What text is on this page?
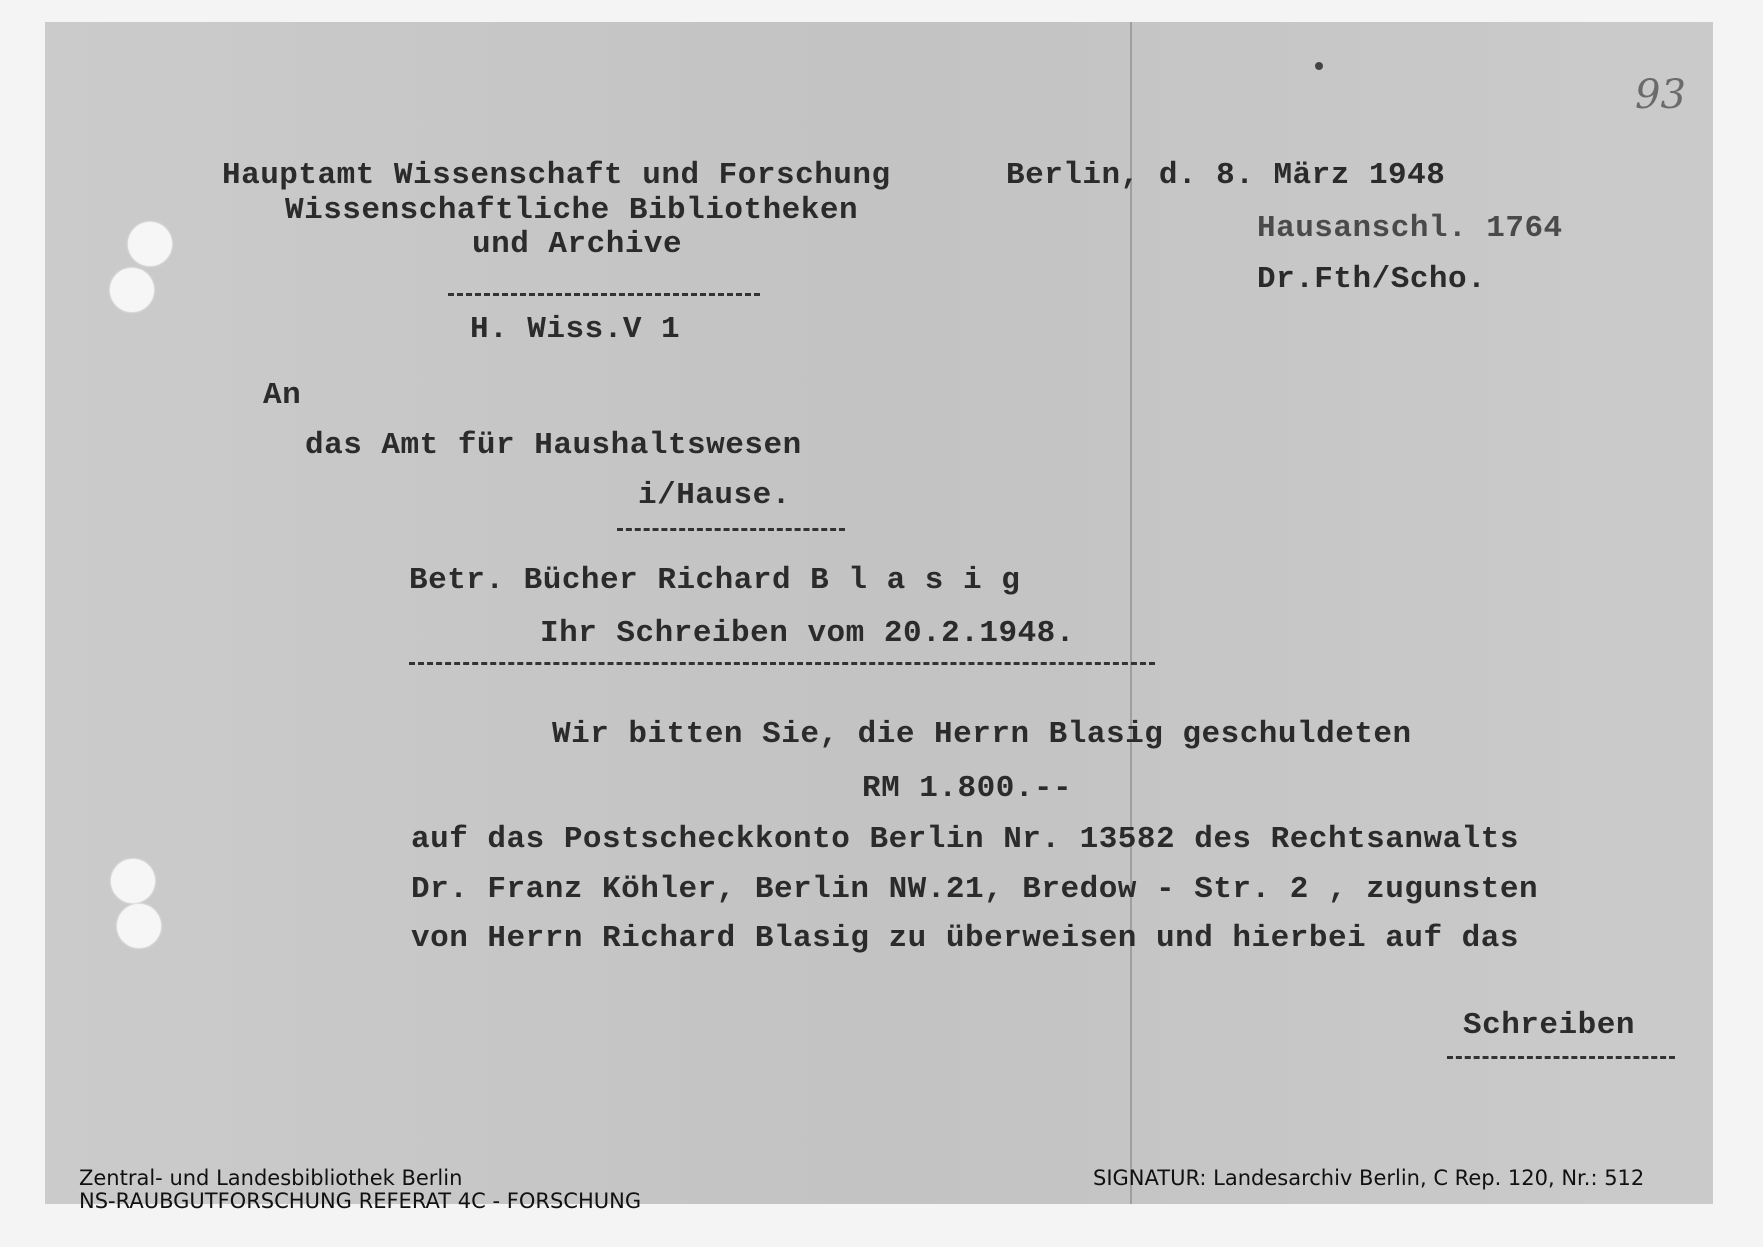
93
Hauptamt Wissenschaft und Forschung
Wissenschaftliche Bibliotheken
und Archive
H. Wiss.V 1
Berlin, d. 8. März 1948
Hausanschl. 1764
Dr.Fth/Scho.
An
das Amt für Haushaltswesen
i/Hause.
Betr. Bücher Richard B l a s i g
Ihr Schreiben vom 20.2.1948.
Wir bitten Sie, die Herrn Blasig geschuldeten
RM 1.800.--
auf das Postscheckkonto Berlin Nr. 13582 des Rechtsanwalts
Dr. Franz Köhler, Berlin NW.21, Bredow - Str. 2 , zugunsten
von Herrn Richard Blasig zu überweisen und hierbei auf das
Schreiben
Zentral- und Landesbibliothek Berlin
NS-RAUBGUTFORSCHUNG REFERAT 4C - FORSCHUNG
SIGNATUR: Landesarchiv Berlin, C Rep. 120, Nr.: 512
